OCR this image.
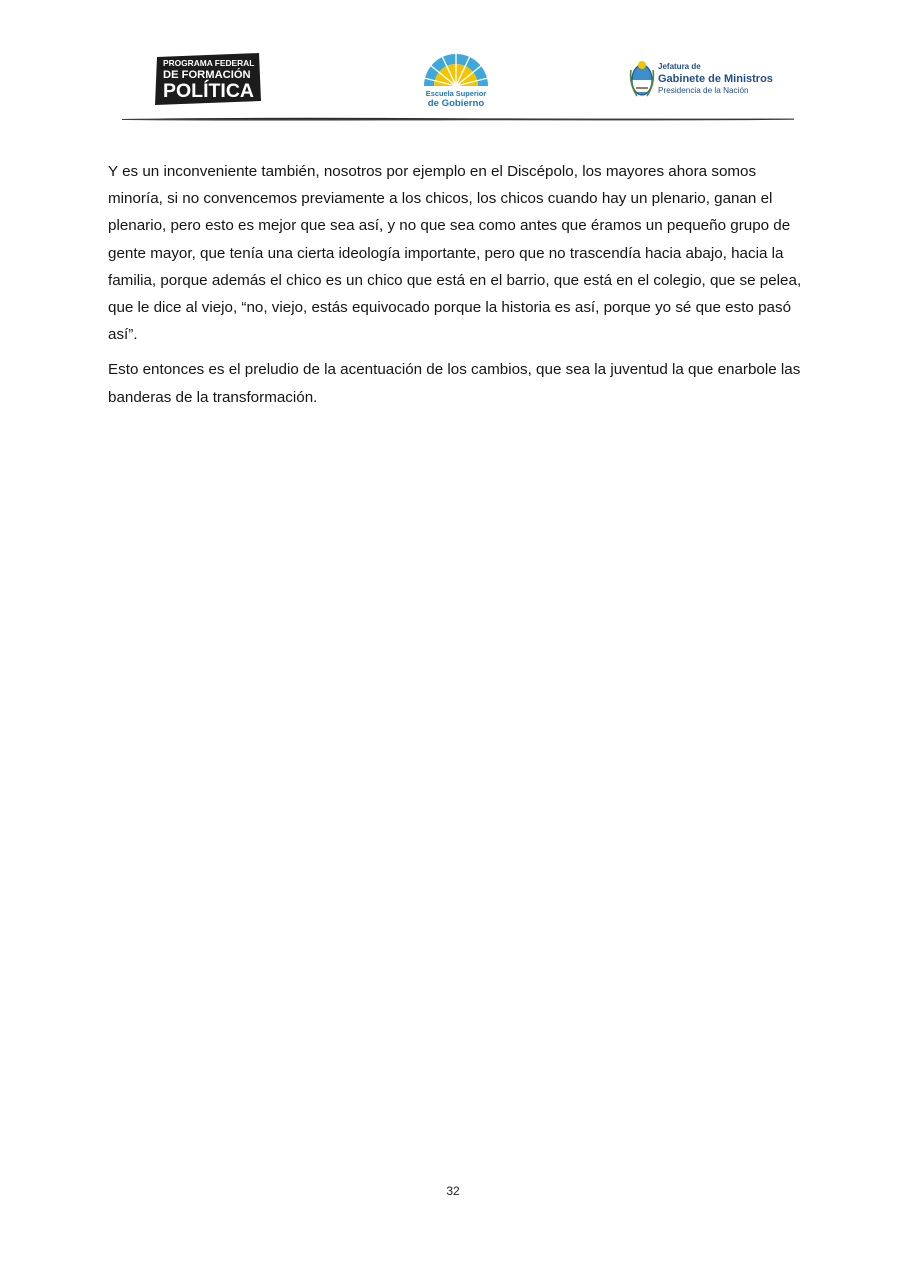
PROGRAMA FEDERAL
DE FORMACIÓN
POLÍTICA	Escuela Superior
de Gobierno
Jefatura de
Gabinete de Ministros
Presidencia de la Nación

Y es un inconveniente también, nosotros por ejemplo en el Discépolo, los mayores ahora somos minoría, si no convencemos previamente a los chicos, los chicos cuando hay un plenario, ganan el plenario, pero esto es mejor que sea así, y no que sea como antes que éramos un pequeño grupo de gente mayor, que tenía una cierta ideología importante, pero que no trascendía hacia abajo, hacia la familia, porque además el chico es un chico que está en el barrio, que está en el colegio, que se pelea, que le dice al viejo, “no, viejo, estás equivocado porque la historia es así, porque yo sé que esto pasó así”.

Esto entonces es el preludio de la acentuación de los cambios, que sea la juventud la que enarbole las banderas de la transformación.

32
